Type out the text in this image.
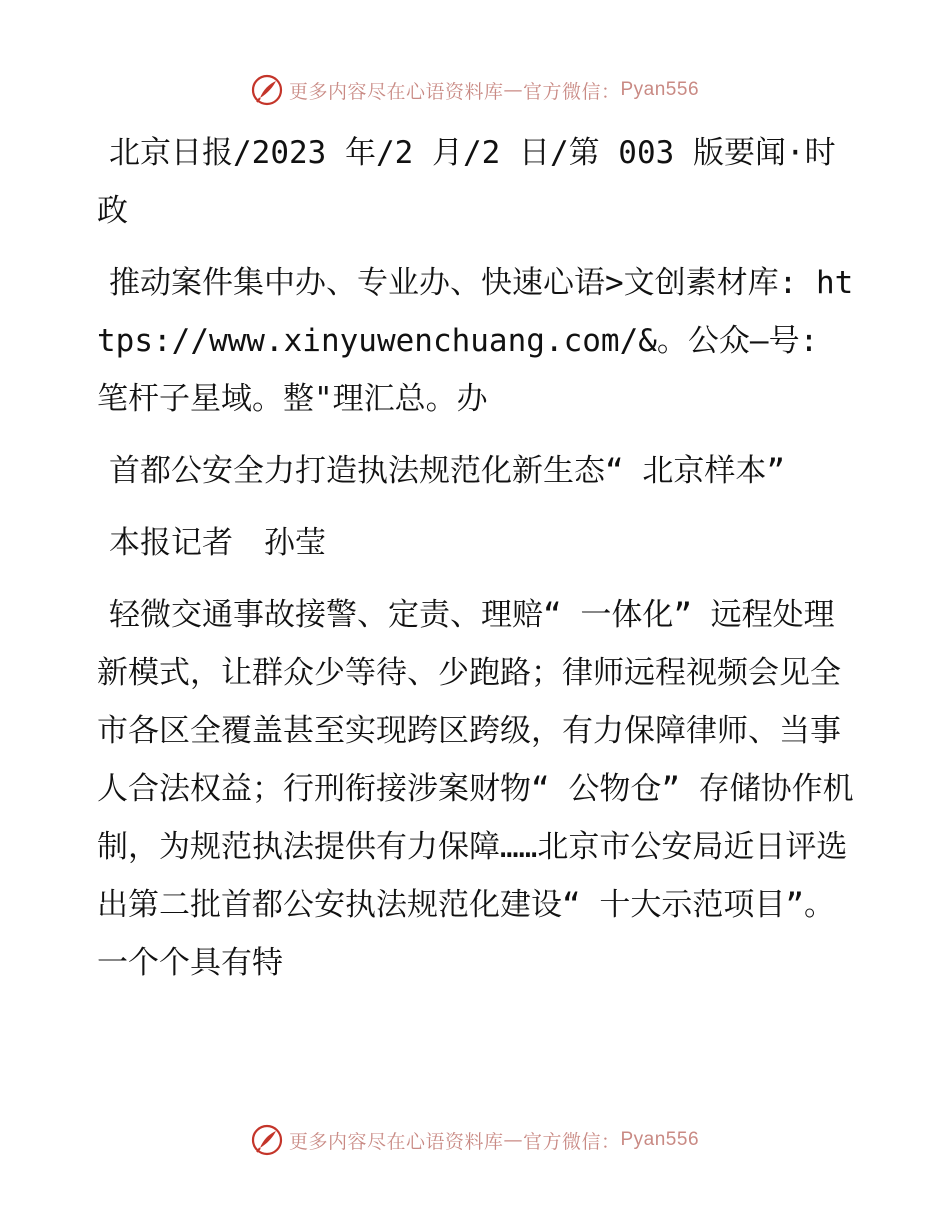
更多内容尽在心语资料库 — 官方微信： Pyan556

北京日报/2023 年/2 月/2 日/第 003 版要闻·时政

推动案件集中办、专业办、快速心语>文创素材库: https://www.xinyuwenchuang.com/&。公众—号: 笔杆子星域。整"理汇总。办

首都公安全力打造执法规范化新生态“ 北京样本”

本报记者　孙莹

轻微交通事故接警、定责、理赔“ 一体化” 远程处理新模式，让群众少等待、少跑路；律师远程视频会见全市各区全覆盖甚至实现跨区跨级，有力保障律师、当事人合法权益；行刑衔接涉案财物“ 公物仓” 存储协作机制，为规范执法提供有力保障……北京市公安局近日评选出第二批首都公安执法规范化建设“ 十大示范项目”。一个个具有特

更多内容尽在心语资料库 — 官方微信： Pyan556
